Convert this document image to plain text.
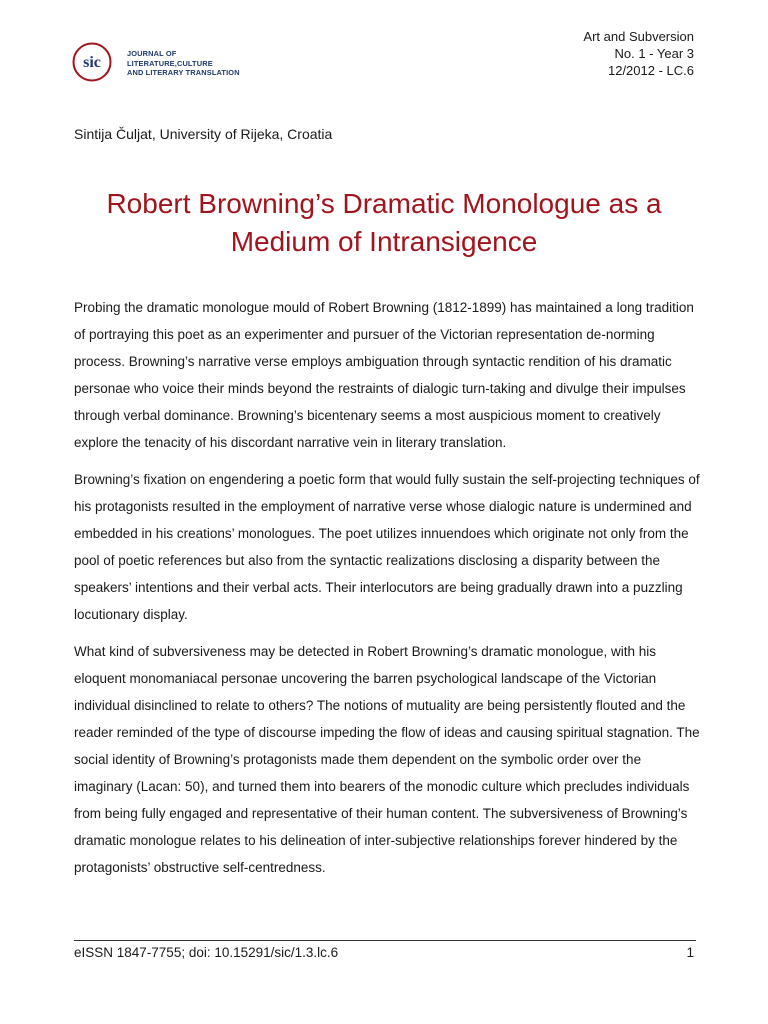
sic
JOURNAL OF
LITERATURE,CULTURE
AND LITERARY TRANSLATION
Art and Subversion
No. 1 - Year 3
12/2012 - LC.6
Sintija Čuljat, University of Rijeka, Croatia
Robert Browning’s Dramatic Monologue as a Medium of Intransigence

Probing the dramatic monologue mould of Robert Browning (1812-1899) has maintained a long tradition of portraying this poet as an experimenter and pursuer of the Victorian representation de-norming process. Browning’s narrative verse employs ambiguation through syntactic rendition of his dramatic personae who voice their minds beyond the restraints of dialogic turn-taking and divulge their impulses through verbal dominance. Browning’s bicentenary seems a most auspicious moment to creatively explore the tenacity of his discordant narrative vein in literary translation.

Browning’s fixation on engendering a poetic form that would fully sustain the self-projecting techniques of his protagonists resulted in the employment of narrative verse whose dialogic nature is undermined and embedded in his creations’ monologues. The poet utilizes innuendoes which originate not only from the pool of poetic references but also from the syntactic realizations disclosing a disparity between the speakers’ intentions and their verbal acts. Their interlocutors are being gradually drawn into a puzzling locutionary display.

What kind of subversiveness may be detected in Robert Browning’s dramatic monologue, with his eloquent monomaniacal personae uncovering the barren psychological landscape of the Victorian individual disinclined to relate to others? The notions of mutuality are being persistently flouted and the reader reminded of the type of discourse impeding the flow of ideas and causing spiritual stagnation. The social identity of Browning’s protagonists made them dependent on the symbolic order over the imaginary (Lacan: 50), and turned them into bearers of the monodic culture which precludes individuals from being fully engaged and representative of their human content. The subversiveness of Browning’s dramatic monologue relates to his delineation of inter-subjective relationships forever hindered by the protagonists’ obstructive self-centredness.

eISSN 1847-7755; doi: 10.15291/sic/1.3.lc.6	1
